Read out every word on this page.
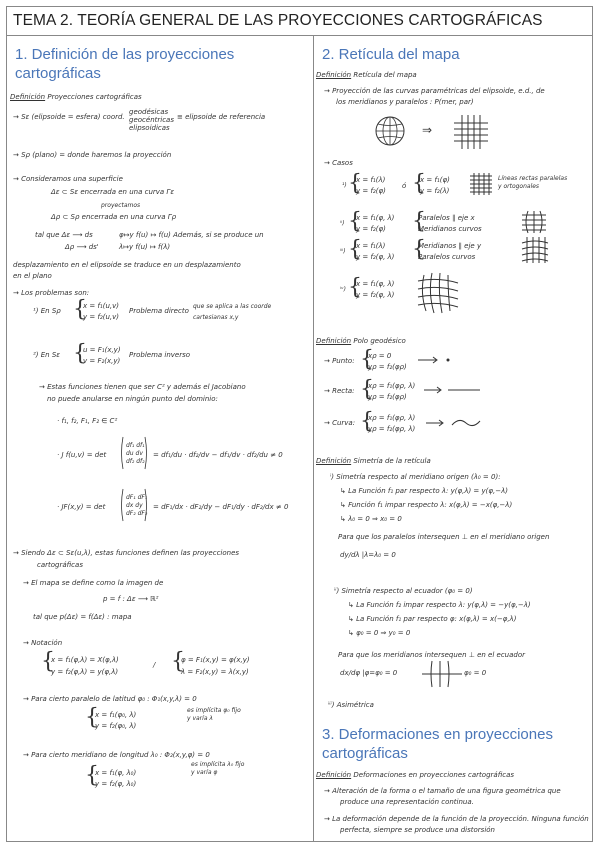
TEMA 2. TEORÍA GENERAL DE LAS PROYECCIONES CARTOGRÁFICAS
1. Definición de las proyecciones cartográficas
Definición Proyecciones cartográficas
→ Sε (elipsoide = esfera) coord.
geodésicas
geocéntricas
elipsoidicas
≡ elipsoide de referencia
→ Sρ (plano) = donde haremos la proyección
→ Consideramos una superficie
Δε ⊂ Sε encerrada en una curva Γε
proyectamos
Δρ ⊂ Sρ encerrada en una curva Γρ
tal que Δε ⟶ ds
Δρ ⟶ ds'
φ↦y f(u) ↦ f(u) Además, si se produce un
λ↦y f(u) ↦ f(λ)
desplazamiento en el elipsoide se traduce en un desplazamiento
en el plano
→ Los problemas son:
¹) En Sρ {
x = f₁(u,v)
y = f₂(u,v)
Problema directo
que se aplica a las coorde
cartesianas x,y
²) En Sε {
u = F₁(x,y)
v = F₂(x,y)
Problema inverso
→ Estas funciones tienen que ser C² y además el Jacobiano
no puede anularse en ningún punto del dominio:
· f₁, f₂, F₁, F₂ ∈ C²
· J f(u,v) = det
df₁ df₁
du dv
df₂ df₂
= df₁/du · df₂/dv − df₁/dv · df₂/du ≠ 0
· JF(x,y) = det
dF₁ dF₁
dx dy
dF₂ dF₂
= dF₁/dx · dF₂/dy − dF₁/dy · dF₂/dx ≠ 0
→ Siendo Δε ⊂ Sε(u,λ), estas funciones definen las proyecciones
cartográficas
→ El mapa se define como la imagen de
p = f : Δε ⟶ ℝ²
tal que p(Δε) = f(Δε) : mapa
→ Notación
{
x = f₁(φ,λ) = X(φ,λ)
y = f₂(φ,λ) = y(φ,λ)
/ {
φ = F₁(x,y) = φ(x,y)
λ = F₂(x,y) = λ(x,y)
→ Para cierto paralelo de latitud φ₀ : Φ₁(x,y,λ) = 0
{
x = f₁(φ₀, λ)
y = f₂(φ₀, λ)
es implícita φ₀ fijo
y varía λ
→ Para cierto meridiano de longitud λ₀ : Φ₂(x,y,φ) = 0
{
x = f₁(φ, λ₀)
y = f₂(φ, λ₀)
es implícita λ₀ fijo
y varía φ
2. Retícula del mapa
Definición Retícula del mapa
→ Proyección de las curvas paramétricas del elipsoide, e.d., de
los meridianos y paralelos : P(mer, par)
⇒
→ Casos
¹) {
x = f₁(λ)
y = f₂(φ)
ó {
x = f₁(φ)
y = f₂(λ)
Líneas rectas paralelas
y ortogonales
ⁱⁱ) {
x = f₁(φ, λ)
y = f₂(φ)	{
Paralelos ∥ eje x
Meridianos curvos
ⁱⁱⁱ) {
x = f₁(λ)
y = f₂(φ, λ) {
Meridianos ∥ eje y
Paralelos curvos
ⁱᵛ) {
x = f₁(φ, λ)
y = f₂(φ, λ)
Definición Polo geodésico
→ Punto: {
xρ = 0
yρ = f₂(φρ)
→ Recta: {
xρ = f₁(φρ, λ)
yρ = f₂(φρ)
→ Curva: {
xρ = f₁(φρ, λ)
yρ = f₂(φρ, λ)
Definición Simetría de la retícula
ⁱ) Simetría respecto al meridiano origen (λ₀ = 0):
↳ La Función f₁ par respecto λ: y(φ,λ) = y(φ,−λ)
↳ Función f₁ impar respecto λ: x(φ,λ) = −x(φ,−λ)
↳ λ₀ = 0 ⇒ x₀ = 0
Para que los paralelos intersequen ⊥ en el meridiano origen
dy/dλ |λ=λ₀ = 0
ⁱⁱ) Simetría respecto al ecuador (φ₀ = 0)
↳ La Función f₂ impar respecto λ: y(φ,λ) = −y(φ,−λ)
↳ La Función f₁ par respecto φ: x(φ,λ) = x(−φ,λ)
↳ φ₀ = 0 ⇒ y₀ = 0
Para que los meridianos intersequen ⊥ en el ecuador
dx/dφ |φ=φ₀ = 0	φ₀ = 0
ⁱⁱⁱ) Asimétrica
3. Deformaciones en proyecciones cartográficas
Definición Deformaciones en proyecciones cartográficas
→ Alteración de la forma o el tamaño de una figura geométrica que
produce una representación continua.
→ La deformación depende de la función de la proyección. Ninguna función
perfecta, siempre se produce una distorsión
